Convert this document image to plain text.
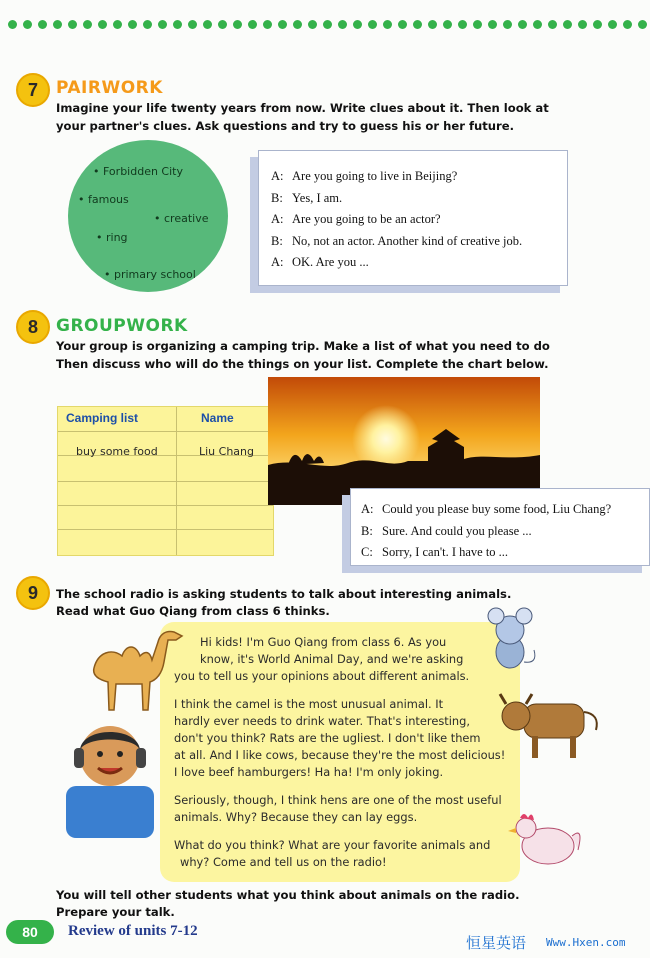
7	PAIRWORK
Imagine your life twenty years from now. Write clues about it. Then look at
your partner's clues. Ask questions and try to guess his or her future.
• Forbidden City
• famous
• creative
• ring
• primary school
A: Are you going to live in Beijing?
B: Yes, I am.
A: Are you going to be an actor?
B: No, not an actor. Another kind of creative job.
A: OK. Are you ...
8	GROUPWORK
Your group is organizing a camping trip. Make a list of what you need to do
Then discuss who will do the things on your list. Complete the chart below.
Camping list	Name
buy some food	Liu Chang
A: Could you please buy some food, Liu Chang?
B: Sure. And could you please ...
C: Sorry, I can't. I have to ...
9	The school radio is asking students to talk about interesting animals.
Read what Guo Qiang from class 6 thinks.
Hi kids! I'm Guo Qiang from class 6. As you
know, it's World Animal Day, and we're asking
you to tell us your opinions about different animals.
I think the camel is the most unusual animal. It
hardly ever needs to drink water. That's interesting,
don't you think? Rats are the ugliest. I don't like them
at all. And I like cows, because they're the most delicious!
I love beef hamburgers! Ha ha! I'm only joking.
Seriously, though, I think hens are one of the most useful
animals. Why? Because they can lay eggs.
What do you think? What are your favorite animals and
why? Come and tell us on the radio!
You will tell other students what you think about animals on the radio.
Prepare your talk.
80	Review of units 7-12
恒星英语 Www.Hxen.com
